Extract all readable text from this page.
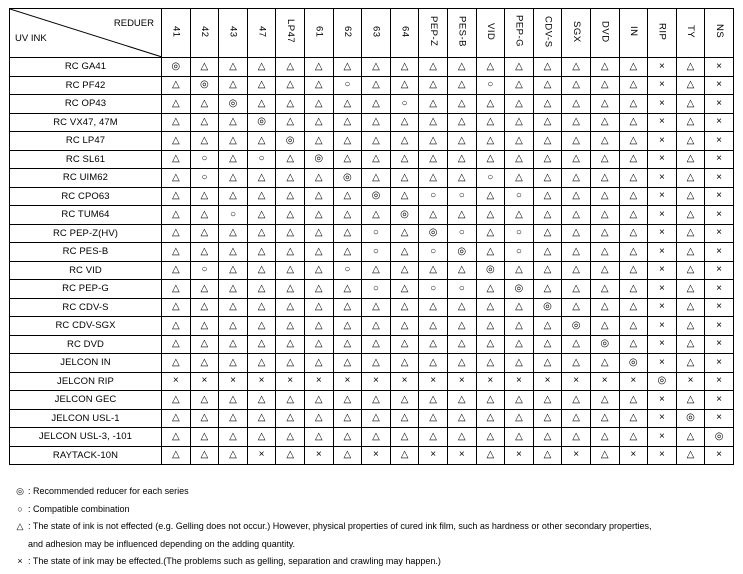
REDUER
UV INK	41	42	43	47	LP47	61	62	63	64	PEP-Z	PES-B	VID	PEP-G	CDV-S	SGX	DVD	IN	RIP	TY	NS
RC GA41	◎	△	△	△	△	△	△	△	△	△	△	△	△	△	△	△	△	×	△	×
RC PF42	△	◎	△	△	△	△	○	△	△	△	△	○	△	△	△	△	△	×	△	×
RC OP43	△	△	◎	△	△	△	△	△	○	△	△	△	△	△	△	△	△	×	△	×
RC VX47, 47M	△	△	△	◎	△	△	△	△	△	△	△	△	△	△	△	△	△	×	△	×
RC LP47	△	△	△	△	◎	△	△	△	△	△	△	△	△	△	△	△	△	×	△	×
RC SL61	△	○	△	○	△	◎	△	△	△	△	△	△	△	△	△	△	△	×	△	×
RC UIM62	△	○	△	△	△	△	◎	△	△	△	△	○	△	△	△	△	△	×	△	×
RC CPO63	△	△	△	△	△	△	△	◎	△	○	○	△	○	△	△	△	△	×	△	×
RC TUM64	△	△	○	△	△	△	△	△	◎	△	△	△	△	△	△	△	△	×	△	×
RC PEP-Z(HV)	△	△	△	△	△	△	△	○	△	◎	○	△	○	△	△	△	△	×	△	×
RC PES-B	△	△	△	△	△	△	△	○	△	○	◎	△	○	△	△	△	△	×	△	×
RC VID	△	○	△	△	△	△	○	△	△	△	△	◎	△	△	△	△	△	×	△	×
RC PEP-G	△	△	△	△	△	△	△	○	△	○	○	△	◎	△	△	△	△	×	△	×
RC CDV-S	△	△	△	△	△	△	△	△	△	△	△	△	△	◎	△	△	△	×	△	×
RC CDV-SGX	△	△	△	△	△	△	△	△	△	△	△	△	△	△	◎	△	△	×	△	×
RC DVD	△	△	△	△	△	△	△	△	△	△	△	△	△	△	△	◎	△	×	△	×
JELCON IN	△	△	△	△	△	△	△	△	△	△	△	△	△	△	△	△	◎	×	△	×
JELCON RIP	×	×	×	×	×	×	×	×	×	×	×	×	×	×	×	×	×	◎	×	×
JELCON GEC	△	△	△	△	△	△	△	△	△	△	△	△	△	△	△	△	△	×	△	×
JELCON USL-1	△	△	△	△	△	△	△	△	△	△	△	△	△	△	△	△	△	×	◎	×
JELCON USL-3, -101	△	△	△	△	△	△	△	△	△	△	△	△	△	△	△	△	△	×	△	◎
RAYTACK-10N	△	△	△	×	△	×	△	×	△	×	×	△	×	△	×	△	×	×	△	×
◎ : Recommended reducer for each series
○ : Compatible combination
△ : The state of ink is not effected (e.g. Gelling does not occur.) However, physical properties of cured ink film, such as hardness or other secondary properties,
and adhesion may be influenced depending on the adding quantity.
× : The state of ink may be effected.(The problems such as gelling, separation and crawling may happen.)
